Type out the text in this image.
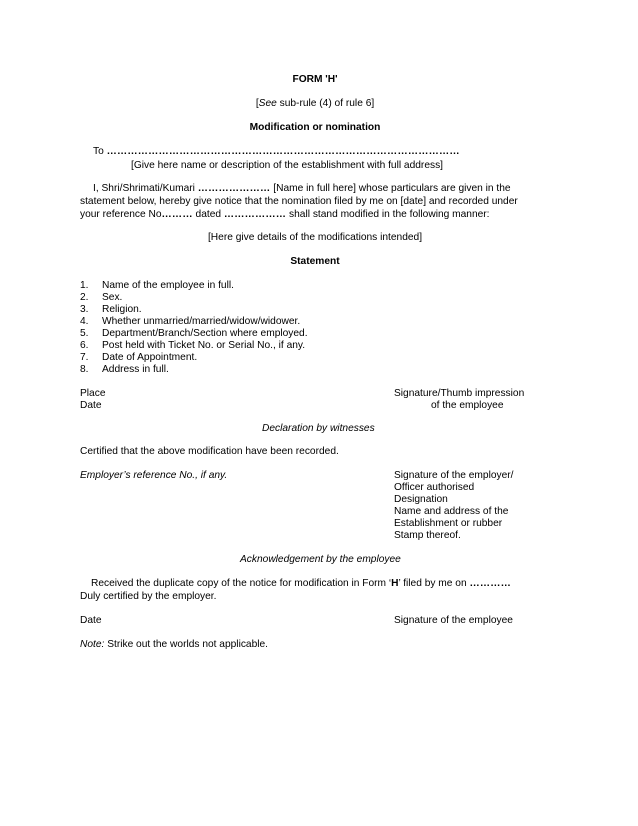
FORM 'H'
[See sub-rule (4) of rule 6]
Modification or nomination
To …………………………………………………………………………………………
[Give here name or description of the establishment with full address]
I, Shri/Shrimati/Kumari ………………… [Name in full here] whose particulars are given in the
statement below, hereby give notice that the nomination filed by me on [date] and recorded under
your reference No……… dated ……………… shall stand modified in the following manner:
[Here give details of the modifications intended]
Statement
1. Name of the employee in full.
2. Sex.
3. Religion.
4. Whether unmarried/married/widow/widower.
5. Department/Branch/Section where employed.
6. Post held with Ticket No. or Serial No., if any.
7. Date of Appointment.
8. Address in full.
Place	Signature/Thumb impression
Date	of the employee
Declaration by witnesses
Certified that the above modification have been recorded.
Employer’s reference No., if any.	Signature of the employer/
Officer authorised
Designation
Name and address of the
Establishment or rubber
Stamp thereof.
Acknowledgement by the employee
Received the duplicate copy of the notice for modification in Form ‘H’ filed by me on …………
Duly certified by the employer.
Date	Signature of the employee
Note: Strike out the worlds not applicable.
